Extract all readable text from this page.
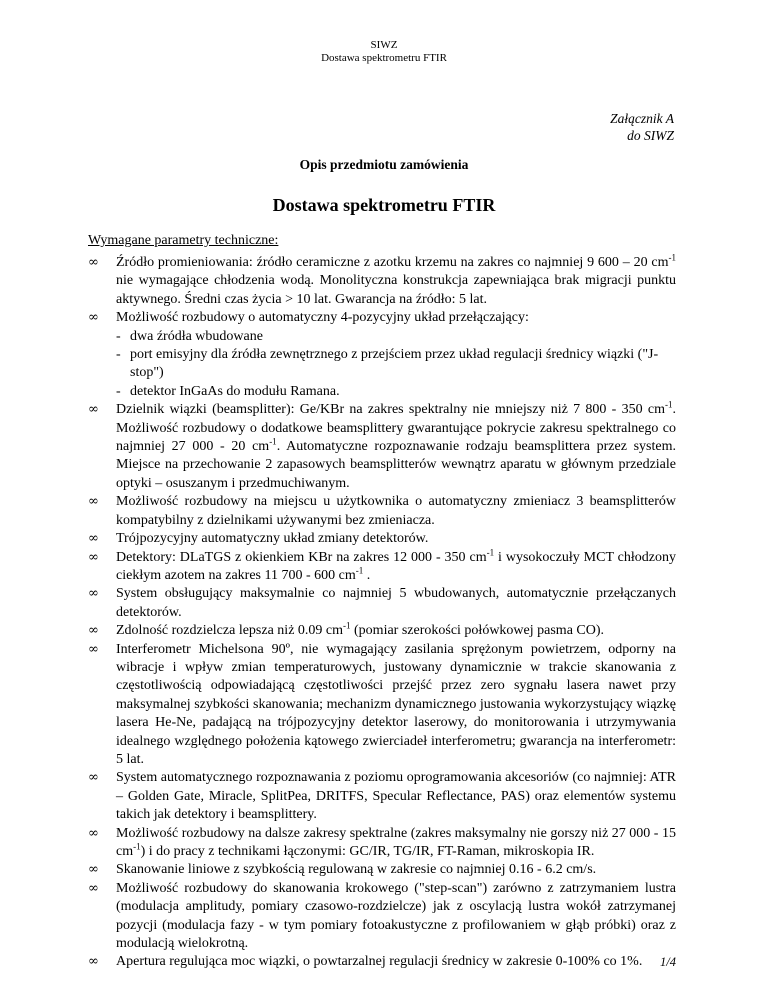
SIWZ
Dostawa spektrometru FTIR
Załącznik A
do SIWZ
Opis przedmiotu zamówienia
Dostawa spektrometru FTIR
Wymagane parametry techniczne:
∞ Źródło promieniowania: źródło ceramiczne z azotku krzemu na zakres co najmniej 9 600 – 20 $cm^{-1}$ nie wymagające chłodzenia wodą. Monolityczna konstrukcja zapewniająca brak migracji punktu aktywnego. Średni czas życia > 10 lat. Gwarancja na źródło: 5 lat.
∞ Możliwość rozbudowy o automatyczny 4-pozycyjny układ przełączający:
- dwa źródła wbudowane
- port emisyjny dla źródła zewnętrznego z przejściem przez układ regulacji średnicy wiązki ("J-stop")
- detektor InGaAs do modułu Ramana.
∞ Dzielnik wiązki (beamsplitter): Ge/KBr na zakres spektralny nie mniejszy niż 7 800 - 350 $cm^{-1}$. Możliwość rozbudowy o dodatkowe beamsplittery gwarantujące pokrycie zakresu spektralnego co najmniej 27 000 - 20 $cm^{-1}$. Automatyczne rozpoznawanie rodzaju beamsplittera przez system. Miejsce na przechowanie 2 zapasowych beamsplitterów wewnątrz aparatu w głównym przedziale optyki – osuszanym i przedmuchiwanym.
∞ Możliwość rozbudowy na miejscu u użytkownika o automatyczny zmieniacz 3 beamsplitterów kompatybilny z dzielnikami używanymi bez zmieniacza.
∞ Trójpozycyjny automatyczny układ zmiany detektorów.
∞ Detektory: DLaTGS z okienkiem KBr na zakres 12 000 - 350 $cm^{-1}$ i wysokoczuły MCT chłodzony ciekłym azotem na zakres 11 700 - 600 $cm^{-1}$ .
∞ System obsługujący maksymalnie co najmniej 5 wbudowanych, automatycznie przełączanych detektorów.
∞ Zdolność rozdzielcza lepsza niż 0.09 $cm^{-1}$ (pomiar szerokości połówkowej pasma CO).
∞ Interferometr Michelsona 90º, nie wymagający zasilania sprężonym powietrzem, odporny na wibracje i wpływ zmian temperaturowych, justowany dynamicznie w trakcie skanowania z częstotliwością odpowiadającą częstotliwości przejść przez zero sygnału lasera nawet przy maksymalnej szybkości skanowania; mechanizm dynamicznego justowania wykorzystujący wiązkę lasera He-Ne, padającą na trójpozycyjny detektor laserowy, do monitorowania i utrzymywania idealnego względnego położenia kątowego zwierciadeł interferometru; gwarancja na interferometr: 5 lat.
∞ System automatycznego rozpoznawania z poziomu oprogramowania akcesoriów (co najmniej: ATR – Golden Gate, Miracle, SplitPea, DRITFS, Specular Reflectance, PAS) oraz elementów systemu takich jak detektory i beamsplittery.
∞ Możliwość rozbudowy na dalsze zakresy spektralne (zakres maksymalny nie gorszy niż 27 000 - 15 $cm^{-1}$) i do pracy z technikami łączonymi: GC/IR, TG/IR, FT-Raman, mikroskopia IR.
∞ Skanowanie liniowe z szybkością regulowaną w zakresie co najmniej 0.16 - 6.2 cm/s.
∞ Możliwość rozbudowy do skanowania krokowego ("step-scan") zarówno z zatrzymaniem lustra (modulacja amplitudy, pomiary czasowo-rozdzielcze) jak z oscylacją lustra wokół zatrzymanej pozycji (modulacja fazy - w tym pomiary fotoakustyczne z profilowaniem w głąb próbki) oraz z modulacją wielokrotną.
∞ Apertura regulująca moc wiązki, o powtarzalnej regulacji średnicy w zakresie 0-100% co 1%.	1/4
